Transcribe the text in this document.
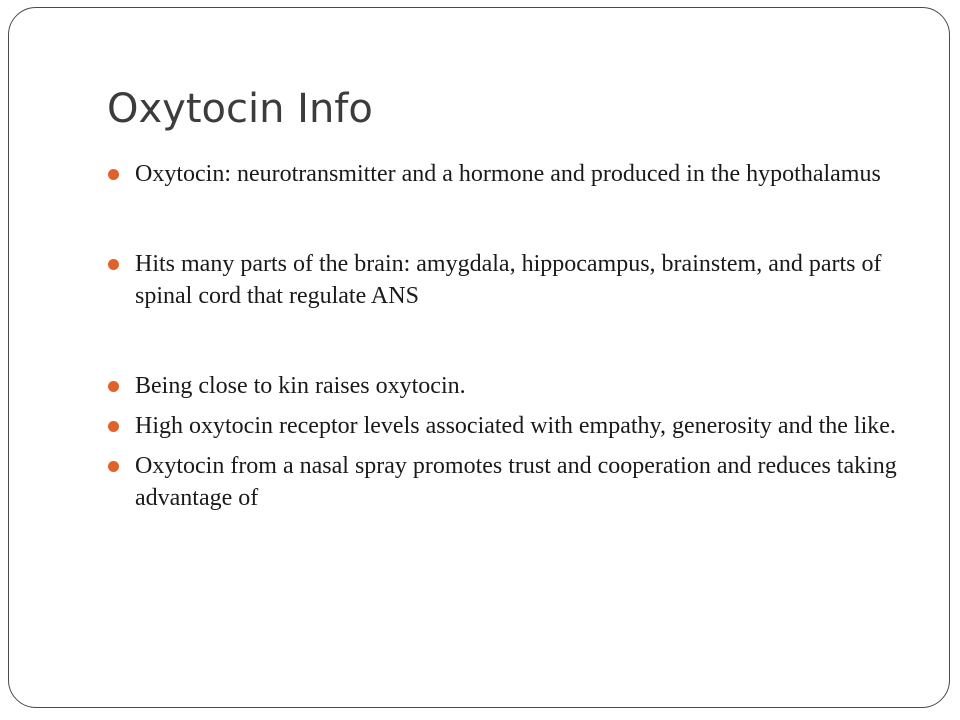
Oxytocin Info
Oxytocin: neurotransmitter and a hormone and produced in the hypothalamus
Hits many parts of the brain: amygdala, hippocampus, brainstem, and parts of spinal cord that regulate ANS
Being close to kin raises oxytocin.
High oxytocin receptor levels associated with empathy, generosity and the like.
Oxytocin from a nasal spray promotes trust and cooperation and reduces taking advantage of
